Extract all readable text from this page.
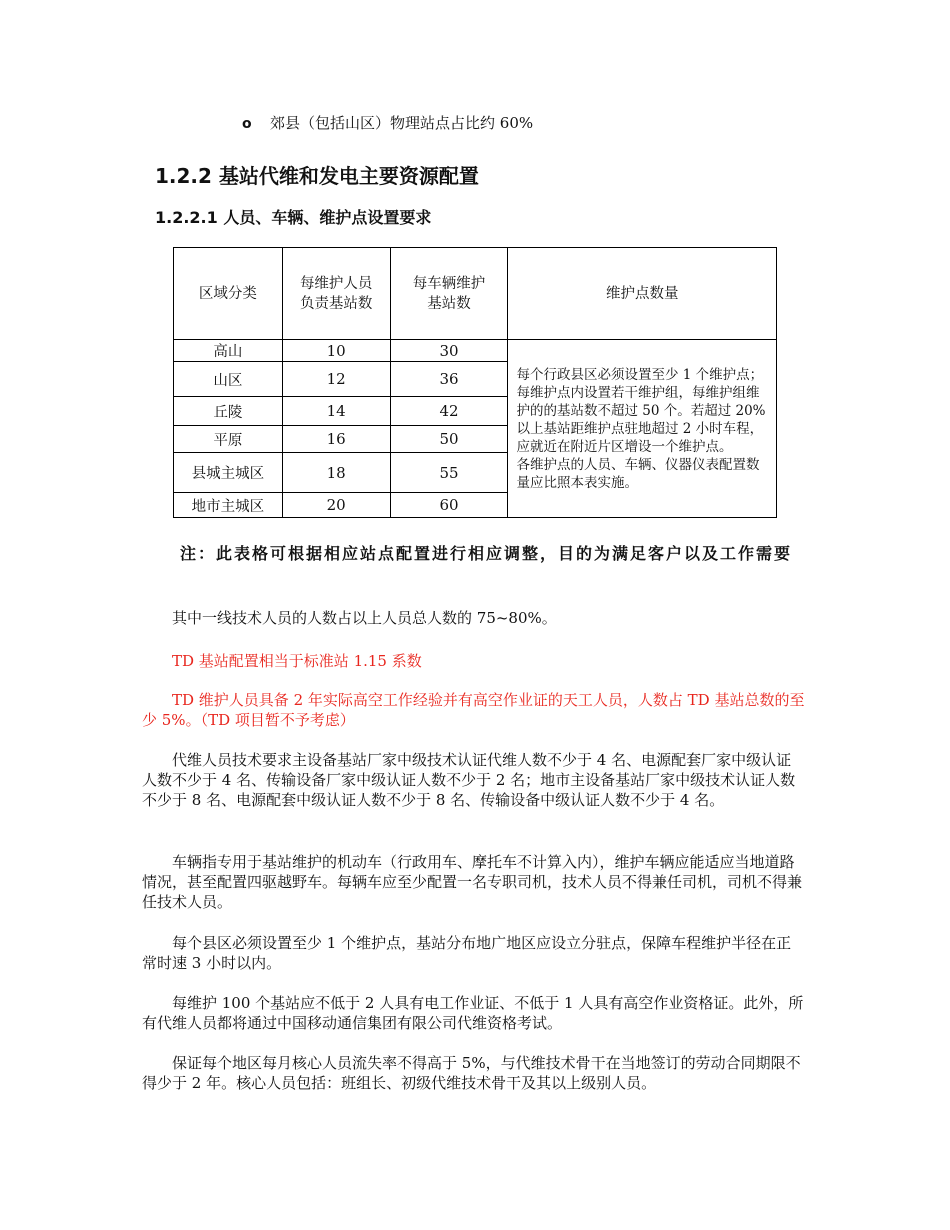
o 郊县（包括山区）物理站点占比约 60%
1.2.2 基站代维和发电主要资源配置
1.2.2.1 人员、车辆、维护点设置要求
区域分类	每维护人员负责基站数	每车辆维护基站数	维护点数量
高山	10	30	每个行政县区必须设置至少 1 个维护点；每维护点内设置若干维护组，每维护组维护的的基站数不超过 50 个。若超过 20%以上基站距维护点驻地超过 2 小时车程，应就近在附近片区增设一个维护点。
各维护点的人员、车辆、仪器仪表配置数量应比照本表实施。

山区	12	36	
丘陵	14	42	
平原	16	50	
县城主城区	18	55	
地市主城区	20	60	

注：此表格可根据相应站点配置进行相应调整，目的为满足客户以及工作需要

其中一线技术人员的人数占以上人员总人数的 75~80%。

TD 基站配置相当于标准站 1.15 系数

TD 维护人员具备 2 年实际高空工作经验并有高空作业证的天工人员，人数占 TD 基站总数的至少 5%。（TD 项目暂不予考虑）

代维人员技术要求主设备基站厂家中级技术认证代维人数不少于 4 名、电源配套厂家中级认证人数不少于 4 名、传输设备厂家中级认证人数不少于 2 名；地市主设备基站厂家中级技术认证人数不少于 8 名、电源配套中级认证人数不少于 8 名、传输设备中级认证人数不少于 4 名。

车辆指专用于基站维护的机动车（行政用车、摩托车不计算入内），维护车辆应能适应当地道路情况，甚至配置四驱越野车。每辆车应至少配置一名专职司机，技术人员不得兼任司机，司机不得兼任技术人员。

每个县区必须设置至少 1 个维护点，基站分布地广地区应设立分驻点，保障车程维护半径在正常时速 3 小时以内。

每维护 100 个基站应不低于 2 人具有电工作业证、不低于 1 人具有高空作业资格证。此外，所有代维人员都将通过中国移动通信集团有限公司代维资格考试。

保证每个地区每月核心人员流失率不得高于 5%，与代维技术骨干在当地签订的劳动合同期限不得少于 2 年。核心人员包括：班组长、初级代维技术骨干及其以上级别人员。
